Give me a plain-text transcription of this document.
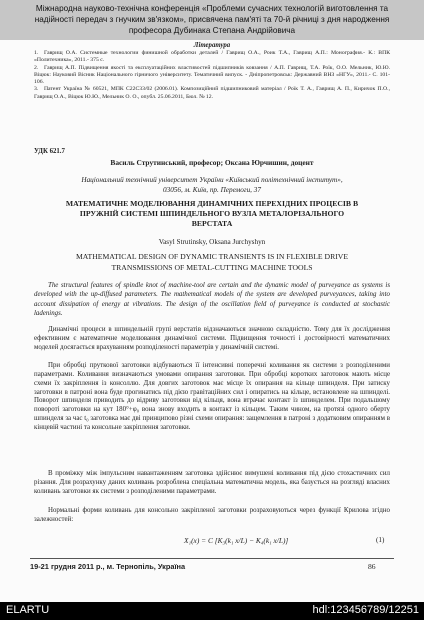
Міжнародна науково-технічна конференція «Проблеми сучасних технологій виготовлення та
надійності передач з гнучким зв'язком», присвячена пам'яті та 70-й річниці з дня народження
професора Дубинака Степана Андрійовича
Література

1. Гаврищ О.А. Системные технологии финишной обработки деталей / Гаврищ О.А., Роик Т.А., Гаврищ А.П.: Монография.- К.: ВПК «Политехника», 2011.- 375 с.

2. Гаврищ А.П. Підвищення якості та експлуатаційних властивостей підшипників ковзання / А.П. Гаврищ, Т.А. Роїк, О.О. Мельник, Ю.Ю. Віцюк: Науковий Вісник Національного гірничого університету. Тематичний випуск. - Дніпропетровськ: Державний ВНЗ «НГУ», 2011.- С. 101-106.

3. Патент Україна № 60521, МПК С22С33/02 (2006.01). Композиційний підшипниковий матеріал / Роїк Т. А., Гаврищ А. П., Киричок П.О., Гаврищ О.А., Віцюк Ю.Ю., Мельник О. О., опубл. 25.06.2011, Бюл. № 12.

УДК 621.7
Василь Струтинський, професор; Оксана Юрчишин, доцент
Національний технічний університет України «Київський політехнічний інститут»,
03056, м. Київ, пр. Перемоги, 37
МАТЕМАТИЧНЕ МОДЕЛЮВАННЯ ДИНАМІЧНИХ ПЕРЕХІДНИХ ПРОЦЕСІВ В
ПРУЖНІЙ СИСТЕМІ ШПИНДЕЛЬНОГО ВУЗЛА МЕТАЛОРІЗАЛЬНОГО
ВЕРСТАТА
Vasyl Strutinsky, Oksana Jurchyshyn
MATHEMATICAL DESIGN OF DYNAMIC TRANSIENTS IS IN FLEXIBLE DRIVE
TRANSMISSIONS OF METAL-CUTTING MACHINE TOOLS
The structural features of spindle knot of machine-tool are certain and the dynamic model of purveyance as systems is developed with the up-diffused parameters. The mathematical models of the system are developed purveyances, taking into account dissipation of energy at vibrations. The design of the oscillation field of purveyance is conducted at stochastic ladenings.
Динамічні процеси в шпиндельній групі верстатів відзначаються значною складністю. Тому для їх дослідження ефективним є математичне моделювання динамічної системи. Підвищення точності і достовірності математичних моделей досягається врахуванням розподіленості параметрів у динамічній системі.
При обробці пруткової заготовки відбуваються її інтенсивні поперечні коливання як системи з розподіленими параметрами. Коливання визначаються умовами опирання заготовки. При обробці коротких заготовок мають місце схеми їх закріплення із консоллю. Для довгих заготовок має місце їх опирання на кільце шпинделя. При затиску заготовки в патроні вона буде прогинатись під дією гравітаційних сил і опиратись на кільце, встановлене на шпинделі. Поворот шпинделя приводить до відриву заготовки від кільця, вона втрачає контакт із шпинделем. При подальшому повороті заготовки на кут 180°+φ₀ вона знову входить в контакт із кільцем. Таким чином, на протязі одного оберту шпинделя за час t₀ заготовка має дві принципово різні схеми опирання: защемлення в патроні з додатковим опиранням в кінцевій частині та консольне закріплення заготовки.
В проміжку між імпульсним навантаженням заготовка здійснює вимушені коливання під дією стохастичних сил різання. Для розрахунку даних коливань розроблена спеціальна математична модель, яка базується на розгляді власних коливань заготовки як системи з розподіленими параметрами.
Нормальні форми коливань для консольно закріпленої заготовки розраховуються через функції Крилова згідно залежностей:
X₁(x) = C [K₃(k₁ x/L) − K₄(k₁ x/L)]	(1)
19-21 грудня 2011 р., м. Тернопіль, Україна	86
ELARTU	hdl:123456789/12251
